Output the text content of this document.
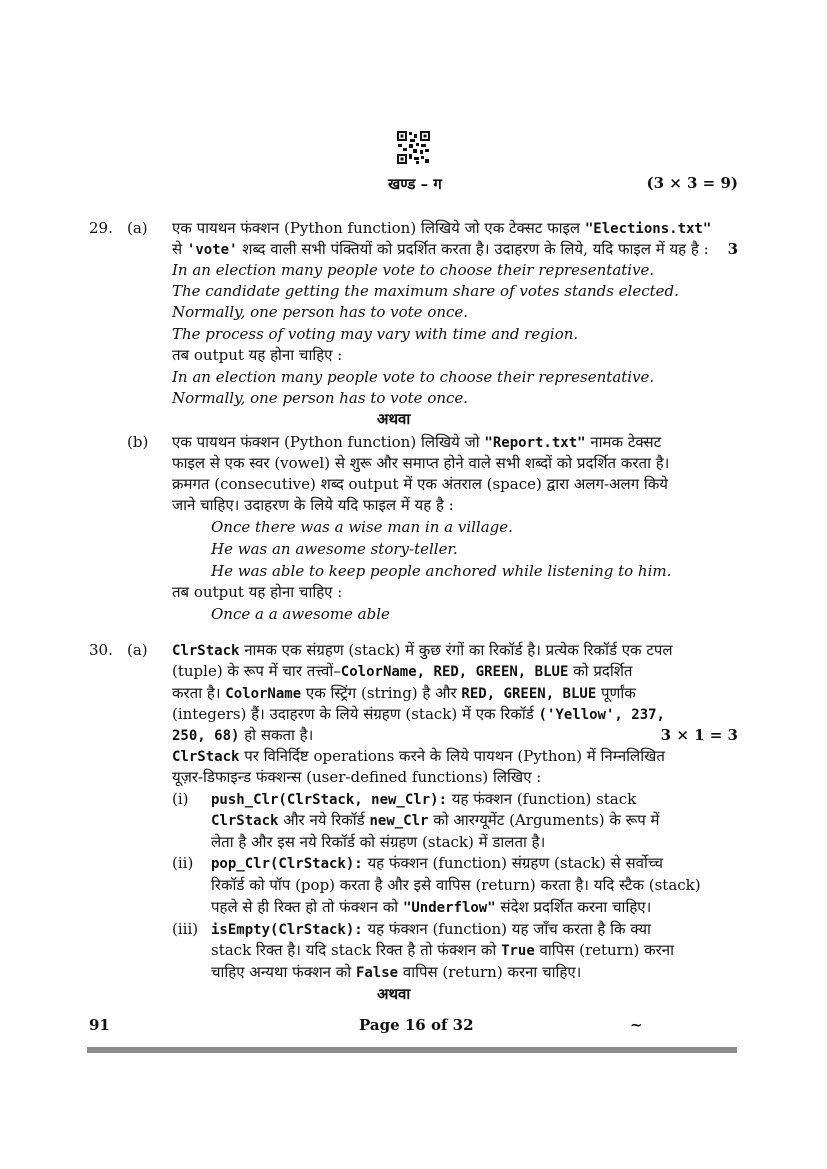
खण्ड – ग	(3 × 3 = 9)
29. (a) एक पायथन फंक्शन (Python function) लिखिये जो एक टेक्सट फाइल "Elections.txt"
से 'vote' शब्द वाली सभी पंक्तियों को प्रदर्शित करता है। उदाहरण के लिये, यदि फाइल में यह है : 3
In an election many people vote to choose their representative.
The candidate getting the maximum share of votes stands elected.
Normally, one person has to vote once.
The process of voting may vary with time and region.
तब output यह होना चाहिए :
In an election many people vote to choose their representative.
Normally, one person has to vote once.
अथवा
(b) एक पायथन फंक्शन (Python function) लिखिये जो "Report.txt" नामक टेक्सट
फाइल से एक स्वर (vowel) से शुरू और समाप्त होने वाले सभी शब्दों को प्रदर्शित करता है।
क्रमगत (consecutive) शब्द output में एक अंतराल (space) द्वारा अलग-अलग किये
जाने चाहिए। उदाहरण के लिये यदि फाइल में यह है :
Once there was a wise man in a village.
He was an awesome story-teller.
He was able to keep people anchored while listening to him.
तब output यह होना चाहिए :
Once a a awesome able
30. (a) ClrStack नामक एक संग्रहण (stack) में कुछ रंगों का रिकॉर्ड है। प्रत्येक रिकॉर्ड एक टपल
(tuple) के रूप में चार तत्त्वों–ColorName, RED, GREEN, BLUE को प्रदर्शित
करता है। ColorName एक स्ट्रिंग (string) है और RED, GREEN, BLUE पूर्णांक
(integers) हैं। उदाहरण के लिये संग्रहण (stack) में एक रिकॉर्ड ('Yellow', 237,
250, 68) हो सकता है।	3 × 1 = 3
ClrStack पर विनिर्दिष्ट operations करने के लिये पायथन (Python) में निम्नलिखित
यूज़र-डिफाइन्ड फंक्शन्स (user-defined functions) लिखिए :
(i) push_Clr(ClrStack, new_Clr): यह फंक्शन (function) stack
ClrStack और नये रिकॉर्ड new_Clr को आरग्यूमेंट (Arguments) के रूप में
लेता है और इस नये रिकॉर्ड को संग्रहण (stack) में डालता है।
(ii) pop_Clr(ClrStack): यह फंक्शन (function) संग्रहण (stack) से सर्वोच्च
रिकॉर्ड को पॉप (pop) करता है और इसे वापिस (return) करता है। यदि स्टैक (stack)
पहले से ही रिक्त हो तो फंक्शन को "Underflow" संदेश प्रदर्शित करना चाहिए।
(iii) isEmpty(ClrStack): यह फंक्शन (function) यह जाँच करता है कि क्या
stack रिक्त है। यदि stack रिक्त है तो फंक्शन को True वापिस (return) करना
चाहिए अन्यथा फंक्शन को False वापिस (return) करना चाहिए।
अथवा
91	Page 16 of 32	~
